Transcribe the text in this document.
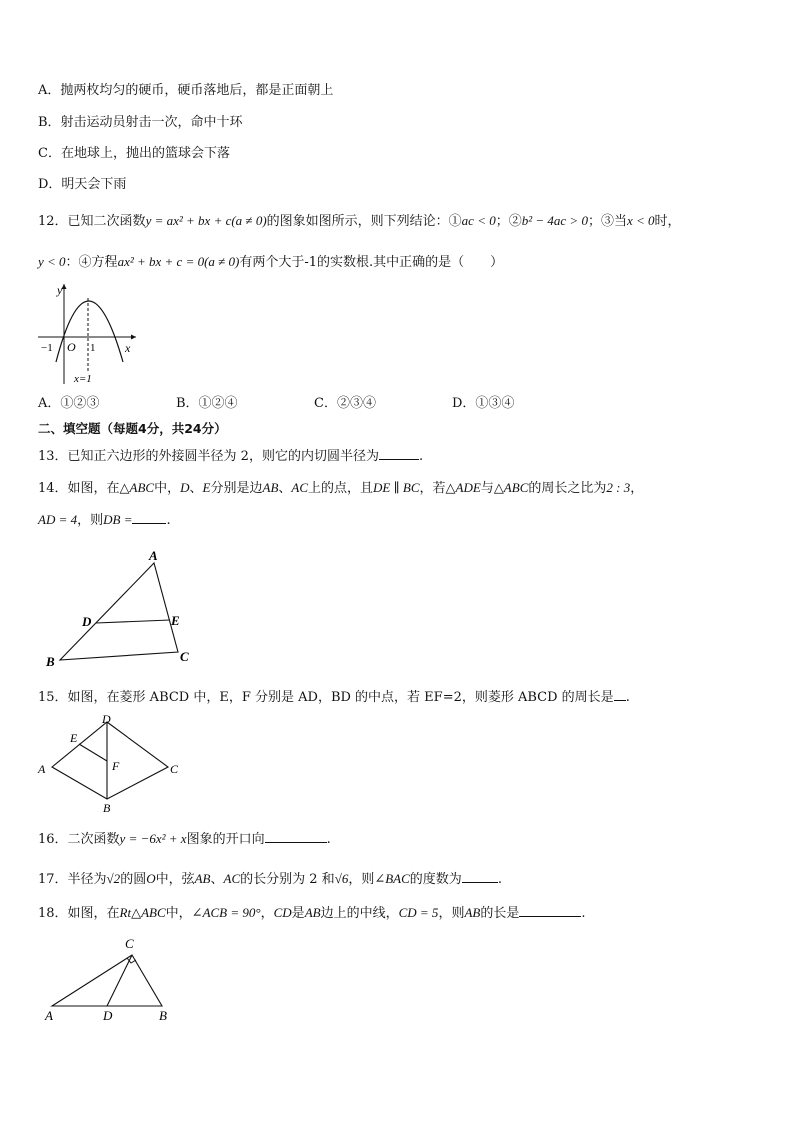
A．抛两枚均匀的硬币，硬币落地后，都是正面朝上
B．射击运动员射击一次，命中十环
C．在地球上，抛出的篮球会下落
D．明天会下雨
12．已知二次函数y = ax² + bx + c(a ≠ 0)的图象如图所示，则下列结论：①ac < 0；②b² − 4ac > 0；③当x < 0时，
y < 0：④方程ax² + bx + c = 0(a ≠ 0)有两个大于-1的实数根.其中正确的是（　　）
y
x
O
−1	1
x=1
A．①②③	B．①②④	C．②③④	D．①③④
二、填空题（每题4分，共24分）
13．已知正六边形的外接圆半径为 2，则它的内切圆半径为	.
14．如图，在△ABC中，D、E分别是边AB、AC上的点，且DE ∥ BC，若△ADE与△ABC的周长之比为2 : 3，
AD = 4，则DB =	.
A
B	C
D	E
15．如图，在菱形 ABCD 中，E，F 分别是 AD，BD 的中点，若 EF=2，则菱形 ABCD 的周长是 .
A
B
C
D
E
F
16．二次函数y = −6x² + x图象的开口向	.
17．半径为√2的圆O中，弦AB、AC的长分别为 2 和√6，则∠BAC的度数为	.
18．如图，在Rt△ABC中，∠ACB = 90°，CD是AB边上的中线，CD = 5，则AB的长是	.
A	D	B
C
